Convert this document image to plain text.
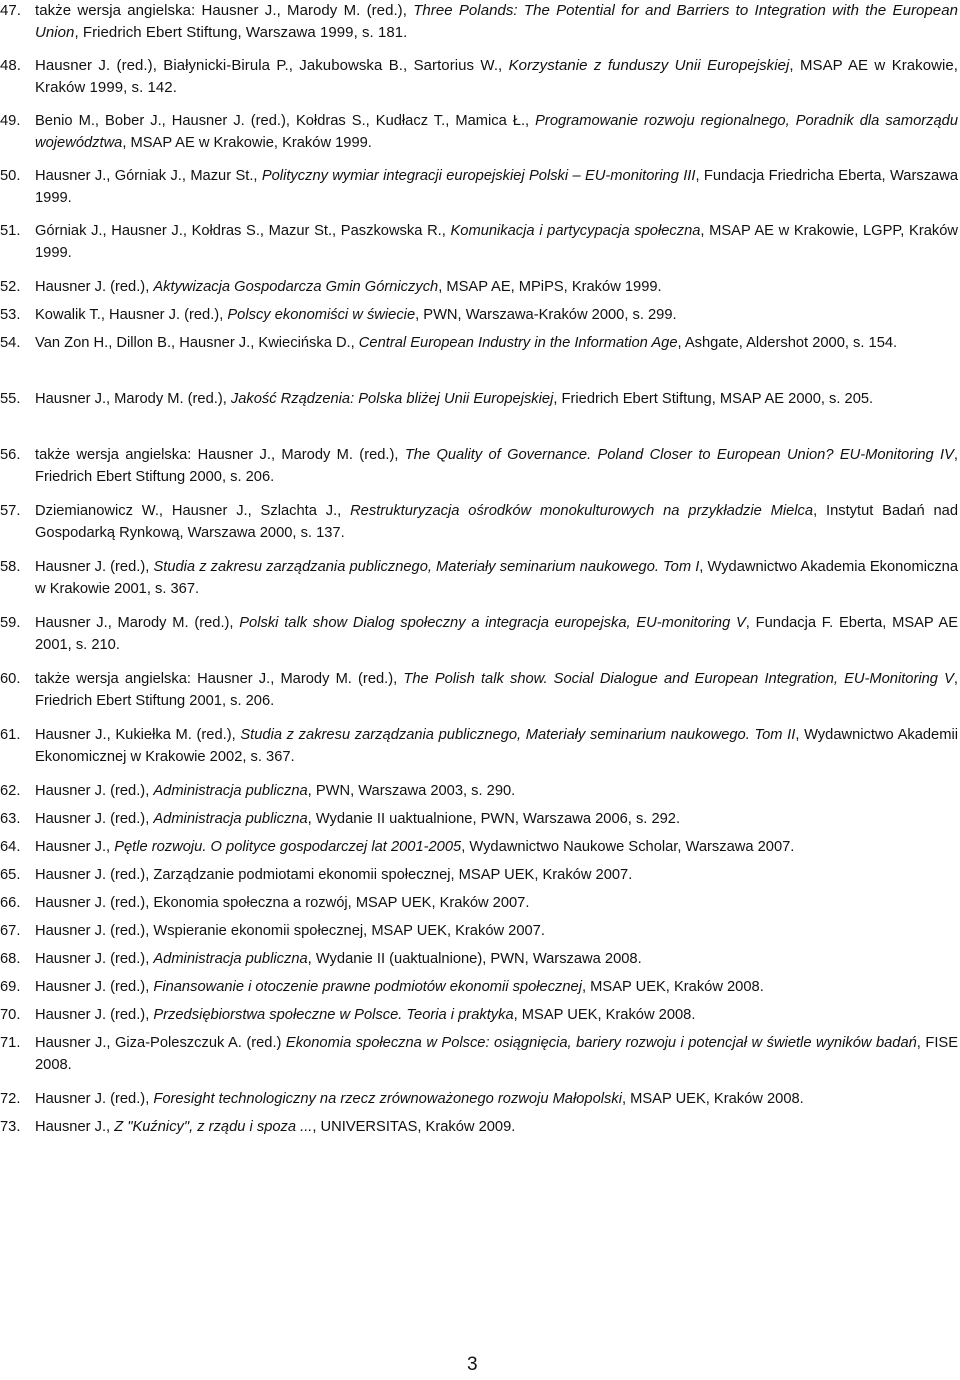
47. także wersja angielska: Hausner J., Marody M. (red.), Three Polands: The Potential for and Barriers to Integration with the European Union, Friedrich Ebert Stiftung, Warszawa 1999, s. 181.
48. Hausner J. (red.), Białynicki-Birula P., Jakubowska B., Sartorius W., Korzystanie z funduszy Unii Europejskiej, MSAP AE w Krakowie, Kraków 1999, s. 142.
49. Benio M., Bober J., Hausner J. (red.), Kołdras S., Kudłacz T., Mamica Ł., Programowanie rozwoju regionalnego, Poradnik dla samorządu województwa, MSAP AE w Krakowie, Kraków 1999.
50. Hausner J., Górniak J., Mazur St., Polityczny wymiar integracji europejskiej Polski – EU-monitoring III, Fundacja Friedricha Eberta, Warszawa 1999.
51. Górniak J., Hausner J., Kołdras S., Mazur St., Paszkowska R., Komunikacja i partycypacja społeczna, MSAP AE w Krakowie, LGPP, Kraków 1999.
52. Hausner J. (red.), Aktywizacja Gospodarcza Gmin Górniczych, MSAP AE, MPiPS, Kraków 1999.
53. Kowalik T., Hausner J. (red.), Polscy ekonomiści w świecie, PWN, Warszawa-Kraków 2000, s. 299.
54. Van Zon H., Dillon B., Hausner J., Kwiecińska D., Central European Industry in the Information Age, Ashgate, Aldershot 2000, s. 154.
55. Hausner J., Marody M. (red.), Jakość Rządzenia: Polska bliżej Unii Europejskiej, Friedrich Ebert Stiftung, MSAP AE 2000, s. 205.
56. także wersja angielska: Hausner J., Marody M. (red.), The Quality of Governance. Poland Closer to European Union? EU-Monitoring IV, Friedrich Ebert Stiftung 2000, s. 206.
57. Dziemianowicz W., Hausner J., Szlachta J., Restrukturyzacja ośrodków monokulturowych na przykładzie Mielca, Instytut Badań nad Gospodarką Rynkową, Warszawa 2000, s. 137.
58. Hausner J. (red.), Studia z zakresu zarządzania publicznego, Materiały seminarium naukowego. Tom I, Wydawnictwo Akademia Ekonomiczna w Krakowie 2001, s. 367.
59. Hausner J., Marody M. (red.), Polski talk show Dialog społeczny a integracja europejska, EU-monitoring V, Fundacja F. Eberta, MSAP AE 2001, s. 210.
60. także wersja angielska: Hausner J., Marody M. (red.), The Polish talk show. Social Dialogue and European Integration, EU-Monitoring V, Friedrich Ebert Stiftung 2001, s. 206.
61. Hausner J., Kukiełka M. (red.), Studia z zakresu zarządzania publicznego, Materiały seminarium naukowego. Tom II, Wydawnictwo Akademii Ekonomicznej w Krakowie 2002, s. 367.
62. Hausner J. (red.), Administracja publiczna, PWN, Warszawa 2003, s. 290.
63. Hausner J. (red.), Administracja publiczna, Wydanie II uaktualnione, PWN, Warszawa 2006, s. 292.
64. Hausner J., Pętle rozwoju. O polityce gospodarczej lat 2001-2005, Wydawnictwo Naukowe Scholar, Warszawa 2007.
65. Hausner J. (red.), Zarządzanie podmiotami ekonomii społecznej, MSAP UEK, Kraków 2007.
66. Hausner J. (red.), Ekonomia społeczna a rozwój, MSAP UEK, Kraków 2007.
67. Hausner J. (red.), Wspieranie ekonomii społecznej, MSAP UEK, Kraków 2007.
68. Hausner J. (red.), Administracja publiczna, Wydanie II (uaktualnione), PWN, Warszawa 2008.
69. Hausner J. (red.), Finansowanie i otoczenie prawne podmiotów ekonomii społecznej, MSAP UEK, Kraków 2008.
70. Hausner J. (red.), Przedsiębiorstwa społeczne w Polsce. Teoria i praktyka, MSAP UEK, Kraków 2008.
71. Hausner J., Giza-Poleszczuk A. (red.) Ekonomia społeczna w Polsce: osiągnięcia, bariery rozwoju i potencjał w świetle wyników badań, FISE 2008.
72. Hausner J. (red.), Foresight technologiczny na rzecz zrównoważonego rozwoju Małopolski, MSAP UEK, Kraków 2008.
73. Hausner J., Z "Kuźnicy", z rządu i spoza ..., UNIVERSITAS, Kraków 2009.
3
